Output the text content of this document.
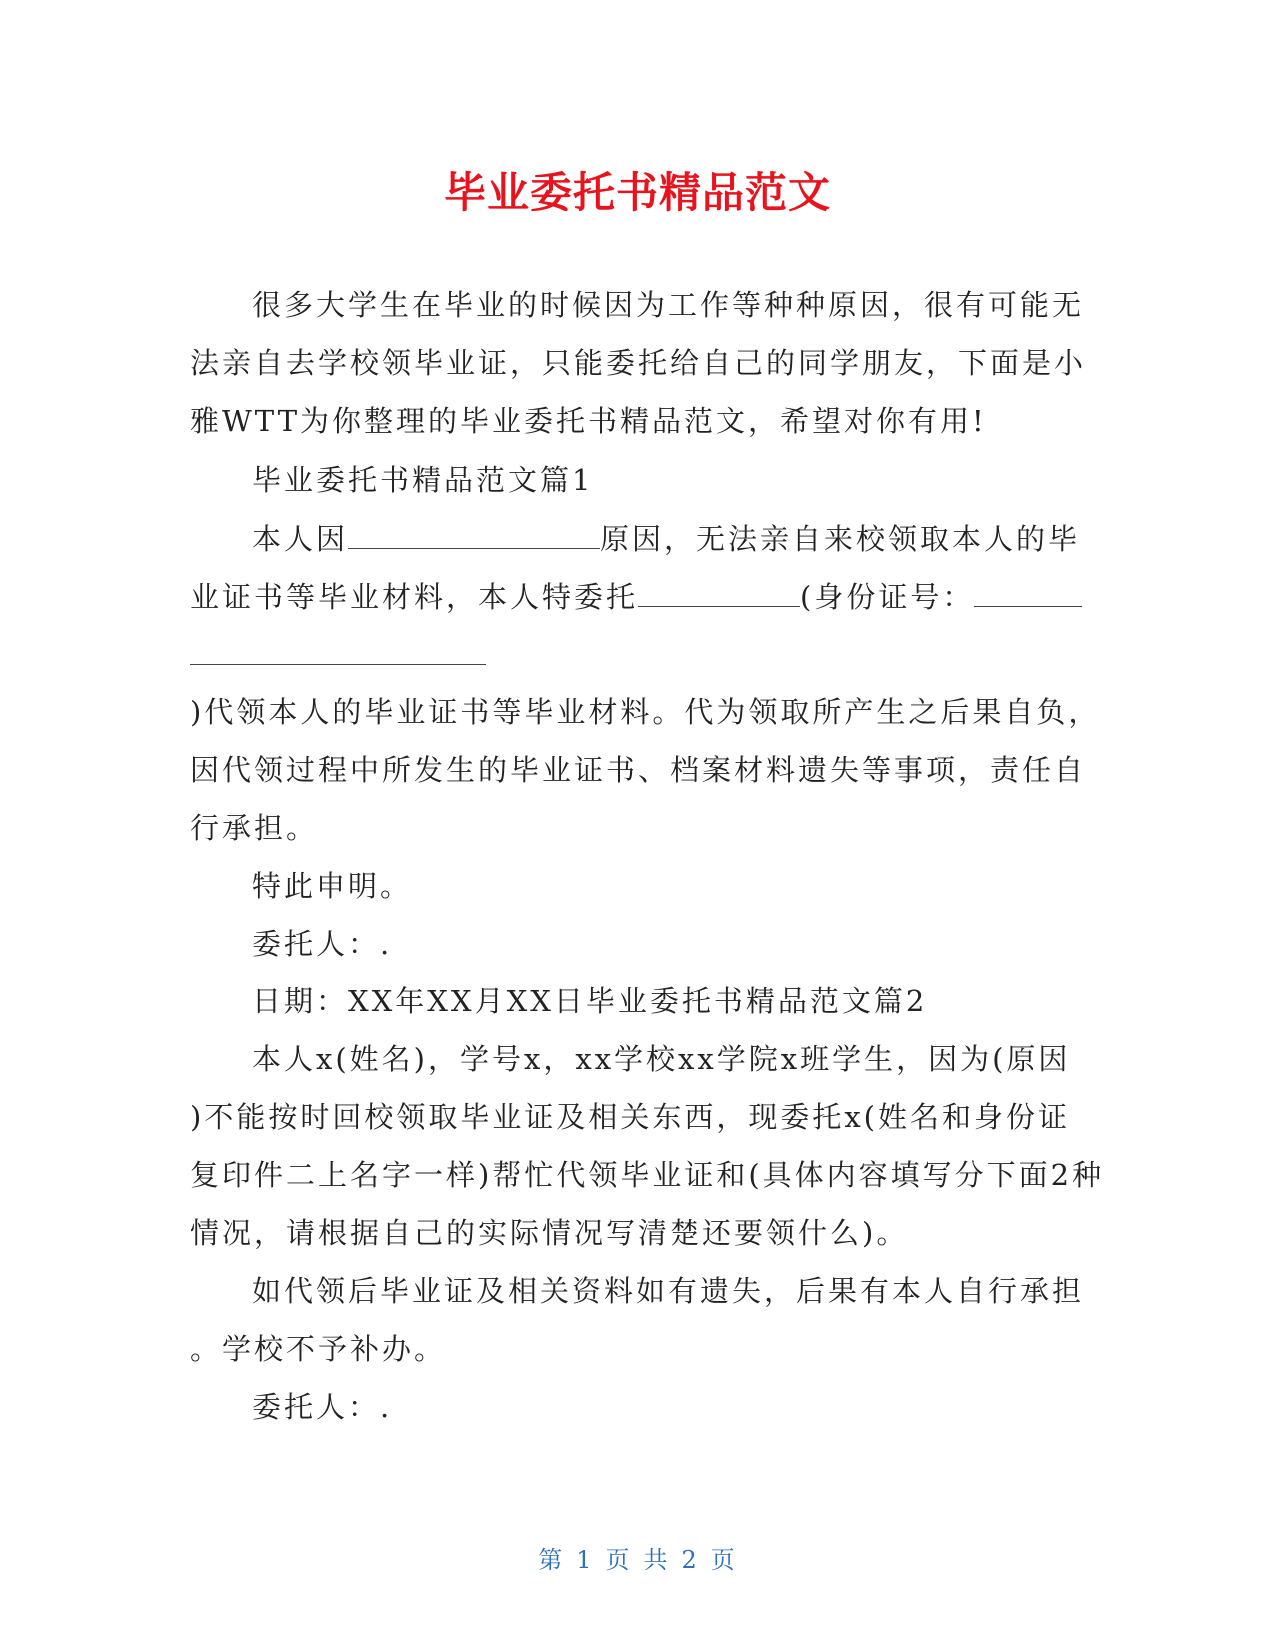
毕业委托书精品范文
很多大学生在毕业的时候因为工作等种种原因，很有可能无
法亲自去学校领毕业证，只能委托给自己的同学朋友，下面是小
雅WTT为你整理的毕业委托书精品范文，希望对你有用!
毕业委托书精品范文篇1
本人因	原因，无法亲自来校领取本人的毕
业证书等毕业材料，本人特委托	(身份证号：
)代领本人的毕业证书等毕业材料。代为领取所产生之后果自负，
因代领过程中所发生的毕业证书、档案材料遗失等事项，责任自
行承担。
特此申明。
委托人：.
日期：XX年XX月XX日毕业委托书精品范文篇2
本人x(姓名)，学号x，xx学校xx学院x班学生，因为(原因
)不能按时回校领取毕业证及相关东西，现委托x(姓名和身份证
复印件二上名字一样)帮忙代领毕业证和(具体内容填写分下面2种
情况，请根据自己的实际情况写清楚还要领什么)。
如代领后毕业证及相关资料如有遗失，后果有本人自行承担
。学校不予补办。
委托人：.
第 1 页 共 2 页
